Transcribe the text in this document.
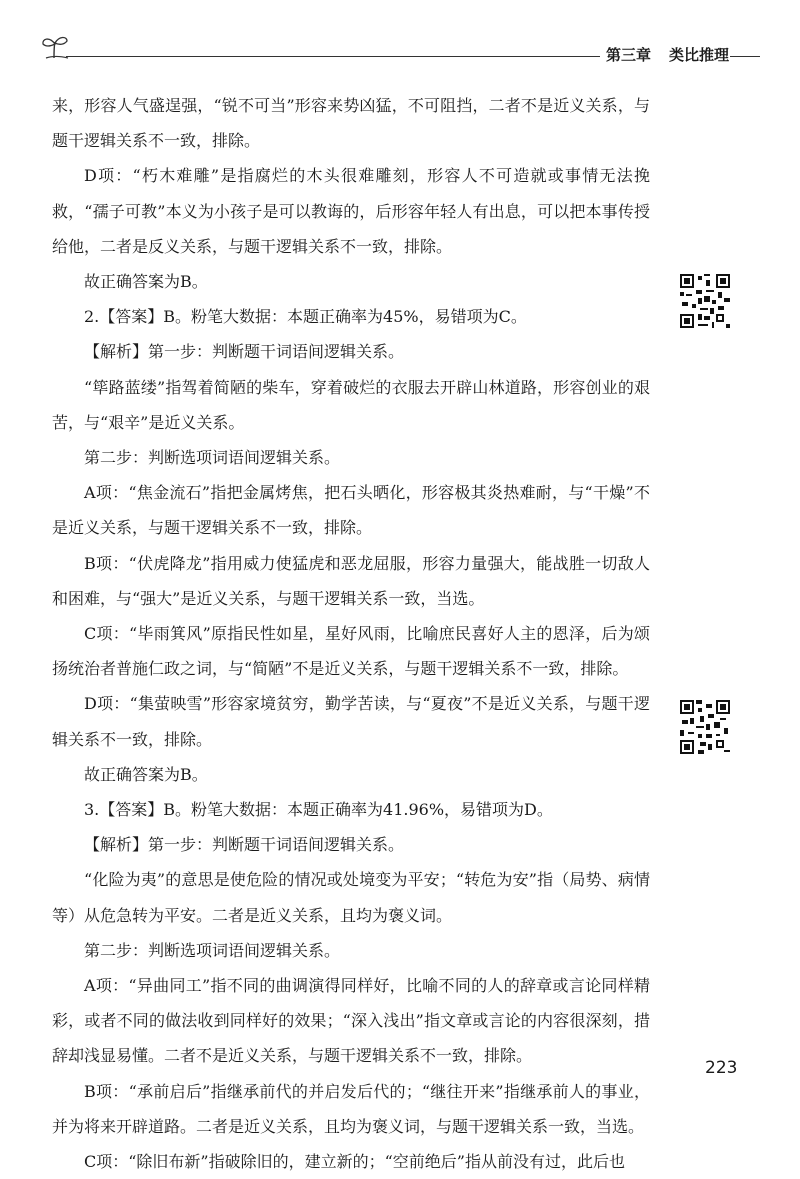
第三章 类比推理

来，形容人气盛逞强，“锐不可当”形容来势凶猛，不可阻挡，二者不是近义关系，与题干逻辑关系不一致，排除。

D项：“朽木难雕”是指腐烂的木头很难雕刻，形容人不可造就或事情无法挽救，“孺子可教”本义为小孩子是可以教诲的，后形容年轻人有出息，可以把本事传授给他，二者是反义关系，与题干逻辑关系不一致，排除。

故正确答案为B。

2.【答案】B。粉笔大数据：本题正确率为45%，易错项为C。

【解析】第一步：判断题干词语间逻辑关系。

“筚路蓝缕”指驾着简陋的柴车，穿着破烂的衣服去开辟山林道路，形容创业的艰苦，与“艰辛”是近义关系。

第二步：判断选项词语间逻辑关系。

A项：“焦金流石”指把金属烤焦，把石头晒化，形容极其炎热难耐，与“干燥”不是近义关系，与题干逻辑关系不一致，排除。

B项：“伏虎降龙”指用威力使猛虎和恶龙屈服，形容力量强大，能战胜一切敌人和困难，与“强大”是近义关系，与题干逻辑关系一致，当选。

C项：“毕雨箕风”原指民性如星，星好风雨，比喻庶民喜好人主的恩泽，后为颂扬统治者普施仁政之词，与“简陋”不是近义关系，与题干逻辑关系不一致，排除。

D项：“集萤映雪”形容家境贫穷，勤学苦读，与“夏夜”不是近义关系，与题干逻辑关系不一致，排除。

故正确答案为B。

3.【答案】B。粉笔大数据：本题正确率为41.96%，易错项为D。

【解析】第一步：判断题干词语间逻辑关系。

“化险为夷”的意思是使危险的情况或处境变为平安；“转危为安”指（局势、病情等）从危急转为平安。二者是近义关系，且均为褒义词。

第二步：判断选项词语间逻辑关系。

A项：“异曲同工”指不同的曲调演得同样好，比喻不同的人的辞章或言论同样精彩，或者不同的做法收到同样好的效果；“深入浅出”指文章或言论的内容很深刻，措辞却浅显易懂。二者不是近义关系，与题干逻辑关系不一致，排除。

B项：“承前启后”指继承前代的并启发后代的；“继往开来”指继承前人的事业，并为将来开辟道路。二者是近义关系，且均为褒义词，与题干逻辑关系一致，当选。

C项：“除旧布新”指破除旧的，建立新的；“空前绝后”指从前没有过，此后也

223
